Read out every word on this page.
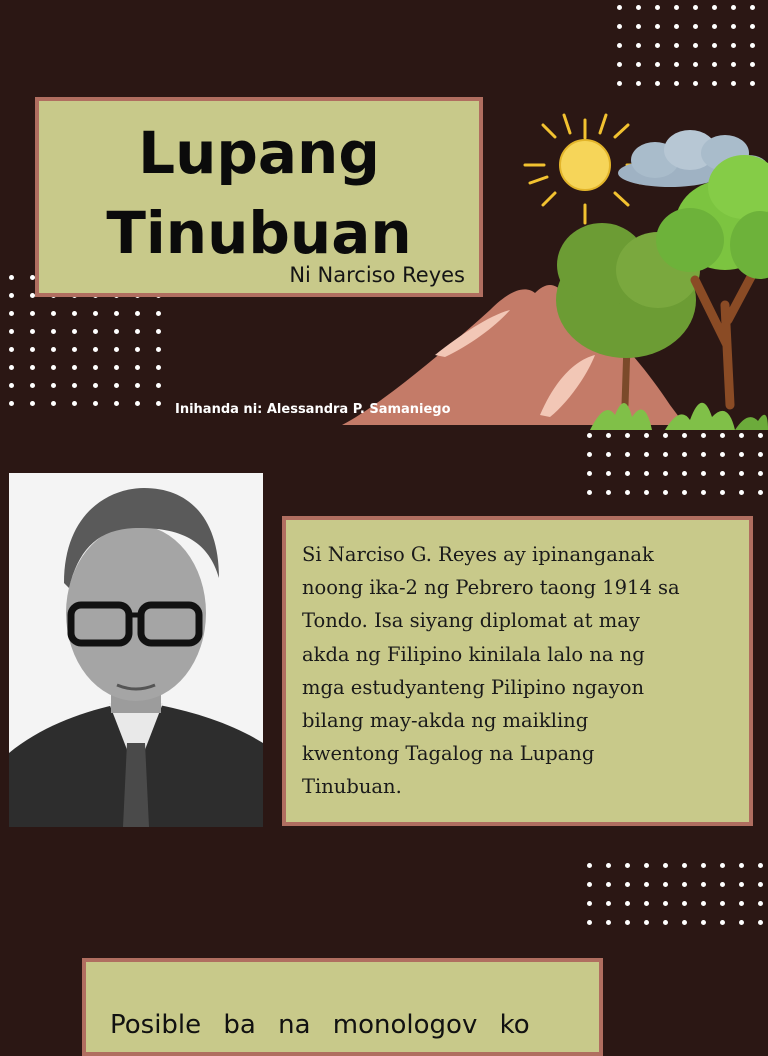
Lupang
Tinubuan

Ni Narciso Reyes

Inihanda ni: Alessandra P. Samaniego

Si Narciso G. Reyes ay ipinanganak
noong ika-2 ng Pebrero taong 1914 sa
Tondo. Isa siyang diplomat at may
akda ng Filipino kinilala lalo na ng
mga estudyanteng Pilipino ngayon
bilang may-akda ng maikling
kwentong Tagalog na Lupang
Tinubuan.

Posible ba na monologov ko
